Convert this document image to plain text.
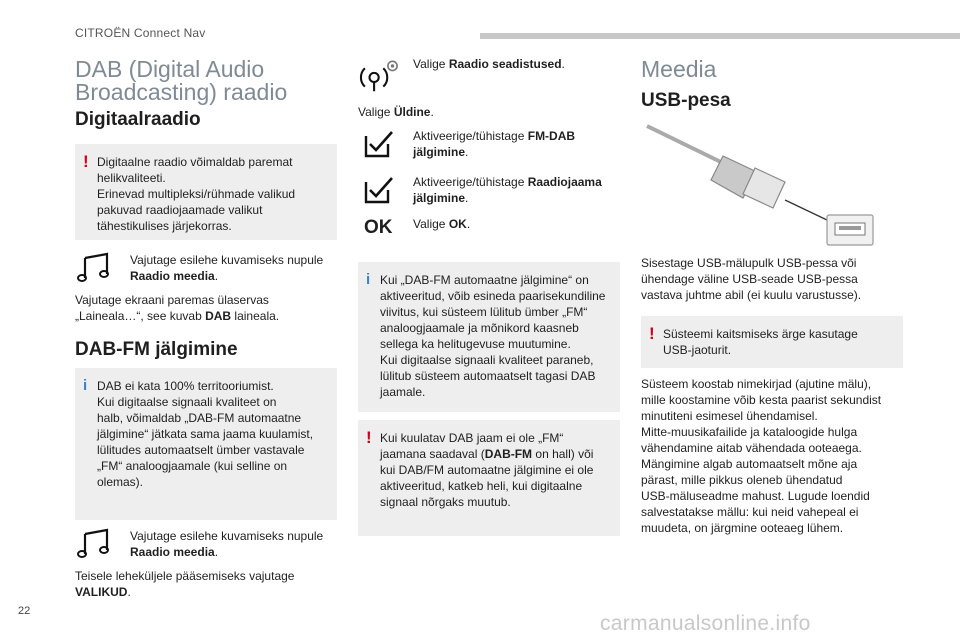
CITROËN Connect Nav
DAB (Digital Audio
Broadcasting) raadio
Digitaalraadio
! Digitaalne raadio võimaldab paremat
helikvaliteeti.
Erinevad multipleksi/rühmade valikud
pakuvad raadiojaamade valikut
tähestikulises järjekorras.
Vajutage esilehe kuvamiseks nupule Raadio meedia.
Vajutage ekraani paremas ülaservas
„Laineala…“, see kuvab DAB laineala.
DAB-FM jälgimine
i DAB ei kata 100% territooriumist.
Kui digitaalse signaali kvaliteet on
halb, võimaldab „DAB-FM automaatne
jälgimine“ jätkata sama jaama kuulamist,
lülitudes automaatselt ümber vastavale
„FM“ analoogjaamale (kui selline on
olemas).
Vajutage esilehe kuvamiseks nupule Raadio meedia.
Teisele leheküljele pääsemiseks vajutage
VALIKUD.
Valige Raadio seadistused.
Valige Üldine.
Aktiveerige/tühistage FM-DAB jälgimine.
Aktiveerige/tühistage Raadiojaama jälgimine.
OK	Valige OK.
i Kui „DAB-FM automaatne jälgimine“ on
aktiveeritud, võib esineda paarisekundiline
viivitus, kui süsteem lülitub ümber „FM“
analoogjaamale ja mõnikord kaasneb
sellega ka helitugevuse muutumine.
Kui digitaalse signaali kvaliteet paraneb,
lülitub süsteem automaatselt tagasi DAB
jaamale.
! Kui kuulatav DAB jaam ei ole „FM“
jaamana saadaval (DAB-FM on hall) või
kui DAB/FM automaatne jälgimine ei ole
aktiveeritud, katkeb heli, kui digitaalne
signaal nõrgaks muutub.
Meedia
USB-pesa
Sisestage USB-mälupulk USB-pessa või
ühendage väline USB-seade USB-pessa
vastava juhtme abil (ei kuulu varustusse).
! Süsteemi kaitsmiseks ärge kasutage
USB-jaoturit.
Süsteem koostab nimekirjad (ajutine mälu),
mille koostamine võib kesta paarist sekundist
minutiteni esimesel ühendamisel.
Mitte-muusikafailide ja kataloogide hulga
vähendamine aitab vähendada ooteaega.
Mängimine algab automaatselt mõne aja
pärast, mille pikkus oleneb ühendatud
USB-mäluseadme mahust. Lugude loendid
salvestatakse mällu: kui neid vahepeal ei
muudeta, on järgmine ooteaeg lühem.
22
carmanualsonline.info
